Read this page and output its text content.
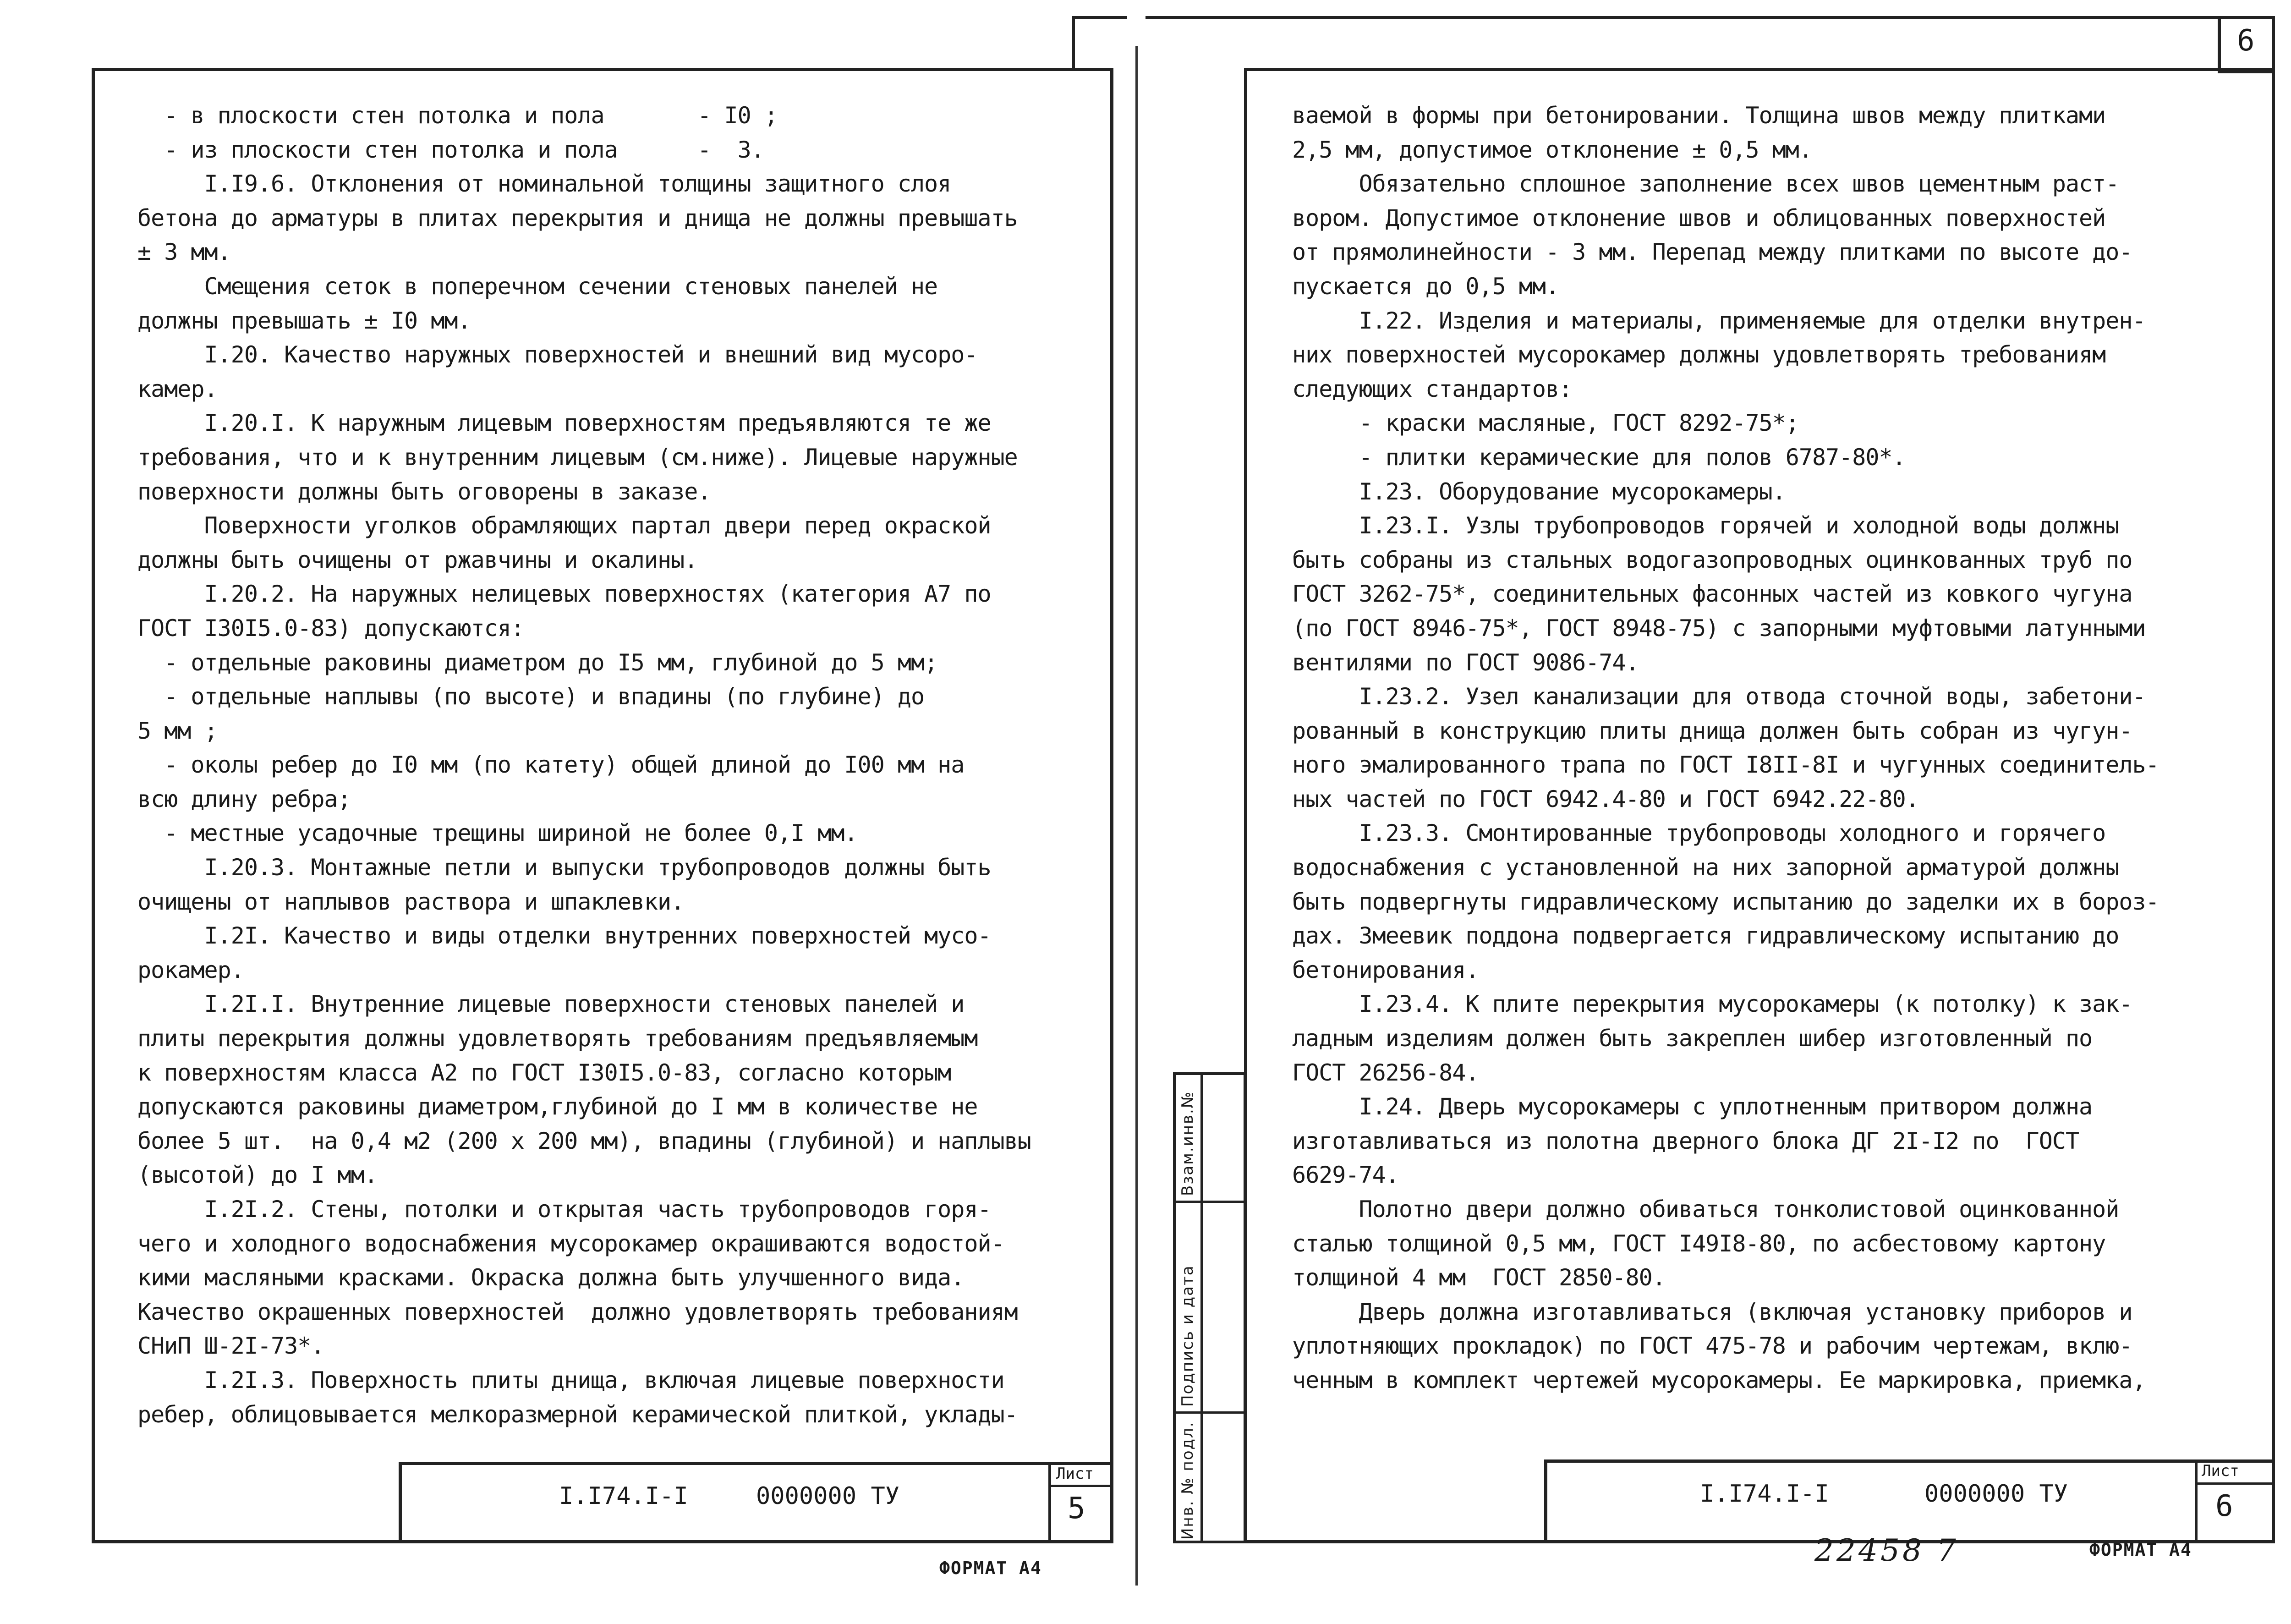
- в плоскости стен потолка и пола       - I0 ;
- из плоскости стен потолка и пола      -  3.
I.I9.6. Отклонения от номинальной толщины защитного слоя
бетона до арматуры в плитах перекрытия и днища не должны превышать
± 3 мм.
Смещения сеток в поперечном сечении стеновых панелей не
должны превышать ± I0 мм.
I.20. Качество наружных поверхностей и внешний вид мусоро-
камер.
I.20.I. К наружным лицевым поверхностям предъявляются те же
требования, что и к внутренним лицевым (см.ниже). Лицевые наружные
поверхности должны быть оговорены в заказе.
Поверхности уголков обрамляющих партал двери перед окраской
должны быть очищены от ржавчины и окалины.
I.20.2. На наружных нелицевых поверхностях (категория А7 по
ГОСТ I30I5.0-83) допускаются:
- отдельные раковины диаметром до I5 мм, глубиной до 5 мм;
- отдельные наплывы (по высоте) и впадины (по глубине) до
5 мм ;
- околы ребер до I0 мм (по катету) общей длиной до I00 мм на
всю длину ребра;
- местные усадочные трещины шириной не более 0,I мм.
I.20.3. Монтажные петли и выпуски трубопроводов должны быть
очищены от наплывов раствора и шпаклевки.
I.2I. Качество и виды отделки внутренних поверхностей мусо-
рокамер.
I.2I.I. Внутренние лицевые поверхности стеновых панелей и
плиты перекрытия должны удовлетворять требованиям предъявляемым
к поверхностям класса А2 по ГОСТ I30I5.0-83, согласно которым
допускаются раковины диаметром,глубиной до I мм в количестве не
более 5 шт.  на 0,4 м2 (200 х 200 мм), впадины (глубиной) и наплывы
(высотой) до I мм.
I.2I.2. Стены, потолки и открытая часть трубопроводов горя-
чего и холодного водоснабжения мусорокамер окрашиваются водостой-
кими масляными красками. Окраска должна быть улучшенного вида.
Качество окрашенных поверхностей  должно удовлетворять требованиям
СНиП Ш-2I-73*.
I.2I.3. Поверхность плиты днища, включая лицевые поверхности
ребер, облицовывается мелкоразмерной керамической плиткой, уклады-
I.I74.I-I	0000000 ТУ
Лист
5
ФОРМАТ А4
6
ваемой в формы при бетонировании. Толщина швов между плитками
2,5 мм, допустимое отклонение ± 0,5 мм.
Обязательно сплошное заполнение всех швов цементным раст-
вором. Допустимое отклонение швов и облицованных поверхностей
от прямолинейности - 3 мм. Перепад между плитками по высоте до-
пускается до 0,5 мм.
I.22. Изделия и материалы, применяемые для отделки внутрен-
них поверхностей мусорокамер должны удовлетворять требованиям
следующих стандартов:
- краски масляные, ГОСТ 8292-75*;
- плитки керамические для полов 6787-80*.
I.23. Оборудование мусорокамеры.
I.23.I. Узлы трубопроводов горячей и холодной воды должны
быть собраны из стальных водогазопроводных оцинкованных труб по
ГОСТ 3262-75*, соединительных фасонных частей из ковкого чугуна
(по ГОСТ 8946-75*, ГОСТ 8948-75) с запорными муфтовыми латунными
вентилями по ГОСТ 9086-74.
I.23.2. Узел канализации для отвода сточной воды, забетони-
рованный в конструкцию плиты днища должен быть собран из чугун-
ного эмалированного трапа по ГОСТ I8II-8I и чугунных соединитель-
ных частей по ГОСТ 6942.4-80 и ГОСТ 6942.22-80.
I.23.3. Смонтированные трубопроводы холодного и горячего
водоснабжения с установленной на них запорной арматурой должны
быть подвергнуты гидравлическому испытанию до заделки их в бороз-
дах. Змеевик поддона подвергается гидравлическому испытанию до
бетонирования.
I.23.4. К плите перекрытия мусорокамеры (к потолку) к зак-
ладным изделиям должен быть закреплен шибер изготовленный по
ГОСТ 26256-84.
I.24. Дверь мусорокамеры с уплотненным притвором должна
изготавливаться из полотна дверного блока ДГ 2I-I2 по  ГОСТ
6629-74.
Полотно двери должно обиваться тонколистовой оцинкованной
сталью толщиной 0,5 мм, ГОСТ I49I8-80, по асбестовому картону
толщиной 4 мм  ГОСТ 2850-80.
Дверь должна изготавливаться (включая установку приборов и
уплотняющих прокладок) по ГОСТ 475-78 и рабочим чертежам, вклю-
ченным в комплект чертежей мусорокамеры. Ее маркировка, приемка,
Инв. № подл.
Подпись и дата
Взам.инв.№
I.I74.I-I	0000000 ТУ
Лист
6
22458 7	ФОРМАТ А4
